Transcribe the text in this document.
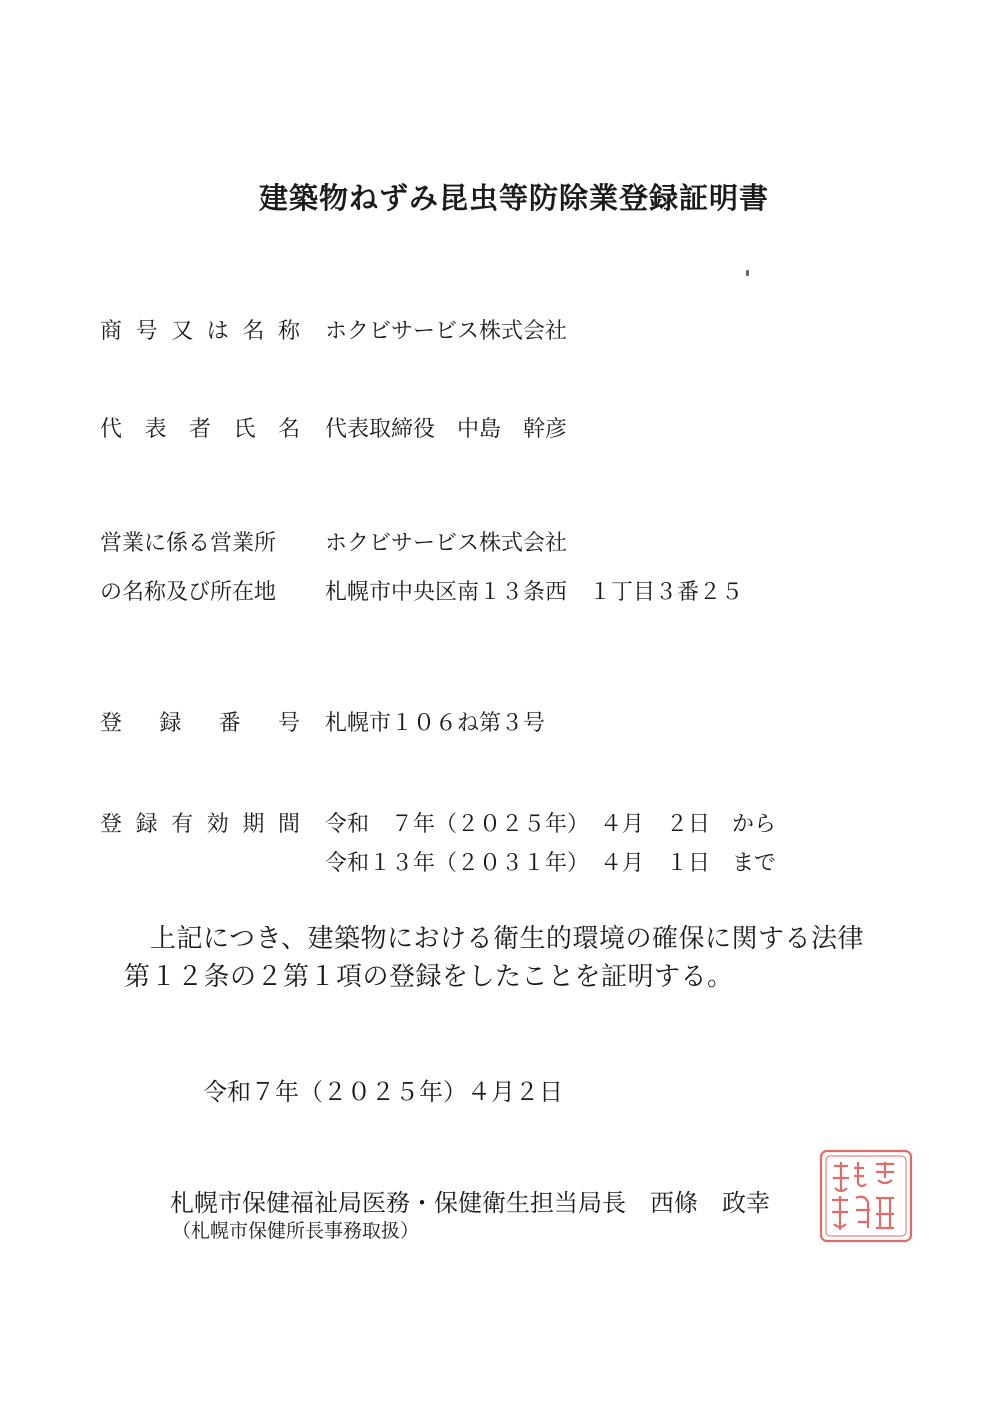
建築物ねずみ昆虫等防除業登録証明書
商号又は名称 ホクビサービス株式会社
代表者氏名 代表取締役　中島　幹彦
営業に係る営業所	ホクビサービス株式会社
の名称及び所在地	札幌市中央区南１３条西　１丁目３番２５
登録番号 札幌市１０６ね第３号
登録有効期間 令和　７年（２０２５年）　４月　２日　から
令和１３年（２０３１年）　４月　１日　まで
上記につき、建築物における衛生的環境の確保に関する法律
第１２条の２第１項の登録をしたことを証明する。
令和７年（２０２５年）４月２日
札幌市保健福祉局医務・保健衛生担当局長　西條　政幸
（札幌市保健所長事務取扱）
